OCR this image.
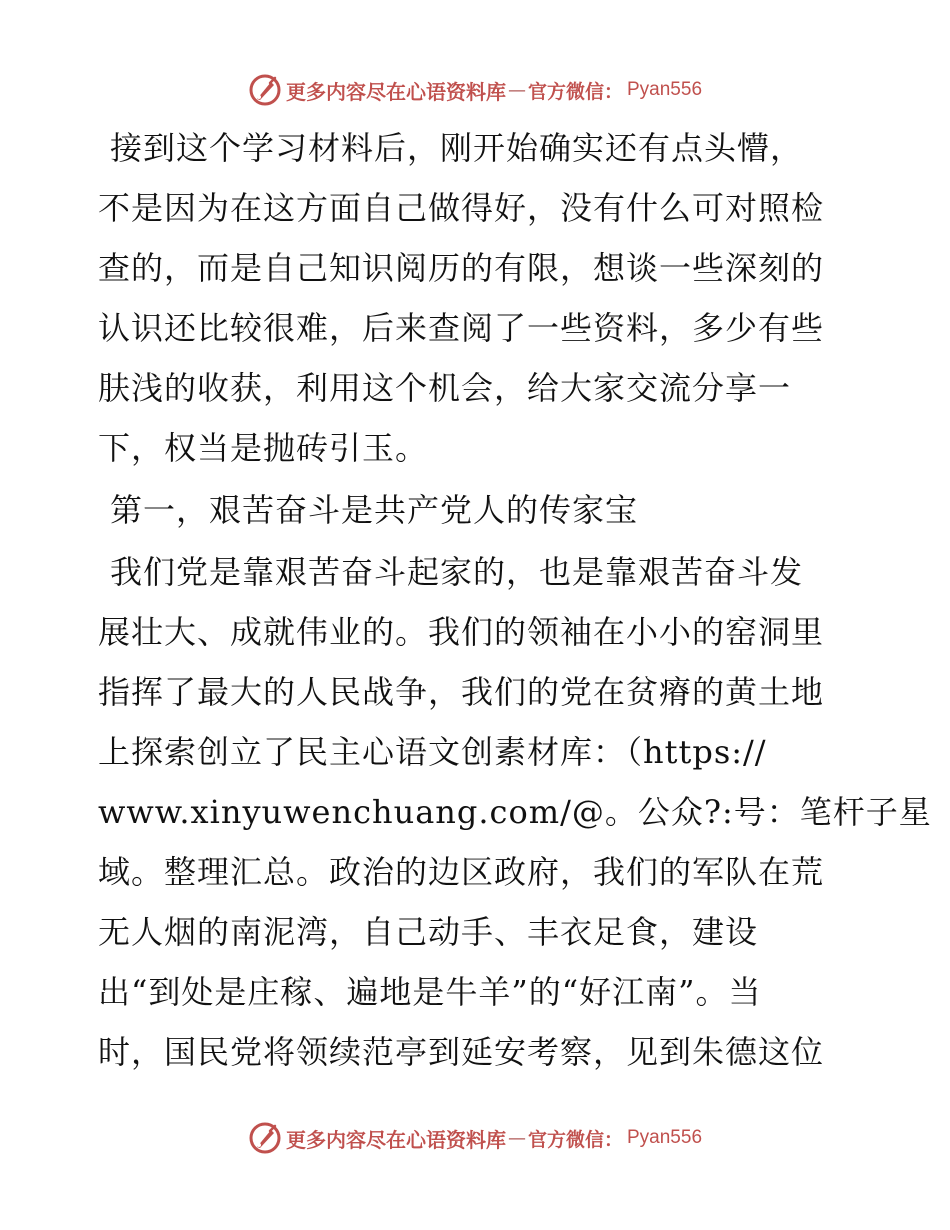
更多内容尽在心语资料库 — 官方微信： Pyan556
接到这个学习材料后，刚开始确实还有点头懵，
不是因为在这方面自己做得好，没有什么可对照检
查的，而是自己知识阅历的有限，想谈一些深刻的
认识还比较很难，后来查阅了一些资料，多少有些
肤浅的收获，利用这个机会，给大家交流分享一
下，权当是抛砖引玉。
第一，艰苦奋斗是共产党人的传家宝
我们党是靠艰苦奋斗起家的，也是靠艰苦奋斗发
展壮大、成就伟业的。我们的领袖在小小的窑洞里
指挥了最大的人民战争，我们的党在贫瘠的黄土地
上探索创立了民主心语文创素材库：（https://
www.xinyuwenchuang.com/@。公众?:号：笔杆子星
域。整理汇总。政治的边区政府，我们的军队在荒
无人烟的南泥湾，自己动手、丰衣足食，建设
出“到处是庄稼、遍地是牛羊”的“好江南”。当
时，国民党将领续范亭到延安考察，见到朱德这位
更多内容尽在心语资料库 — 官方微信： Pyan556
